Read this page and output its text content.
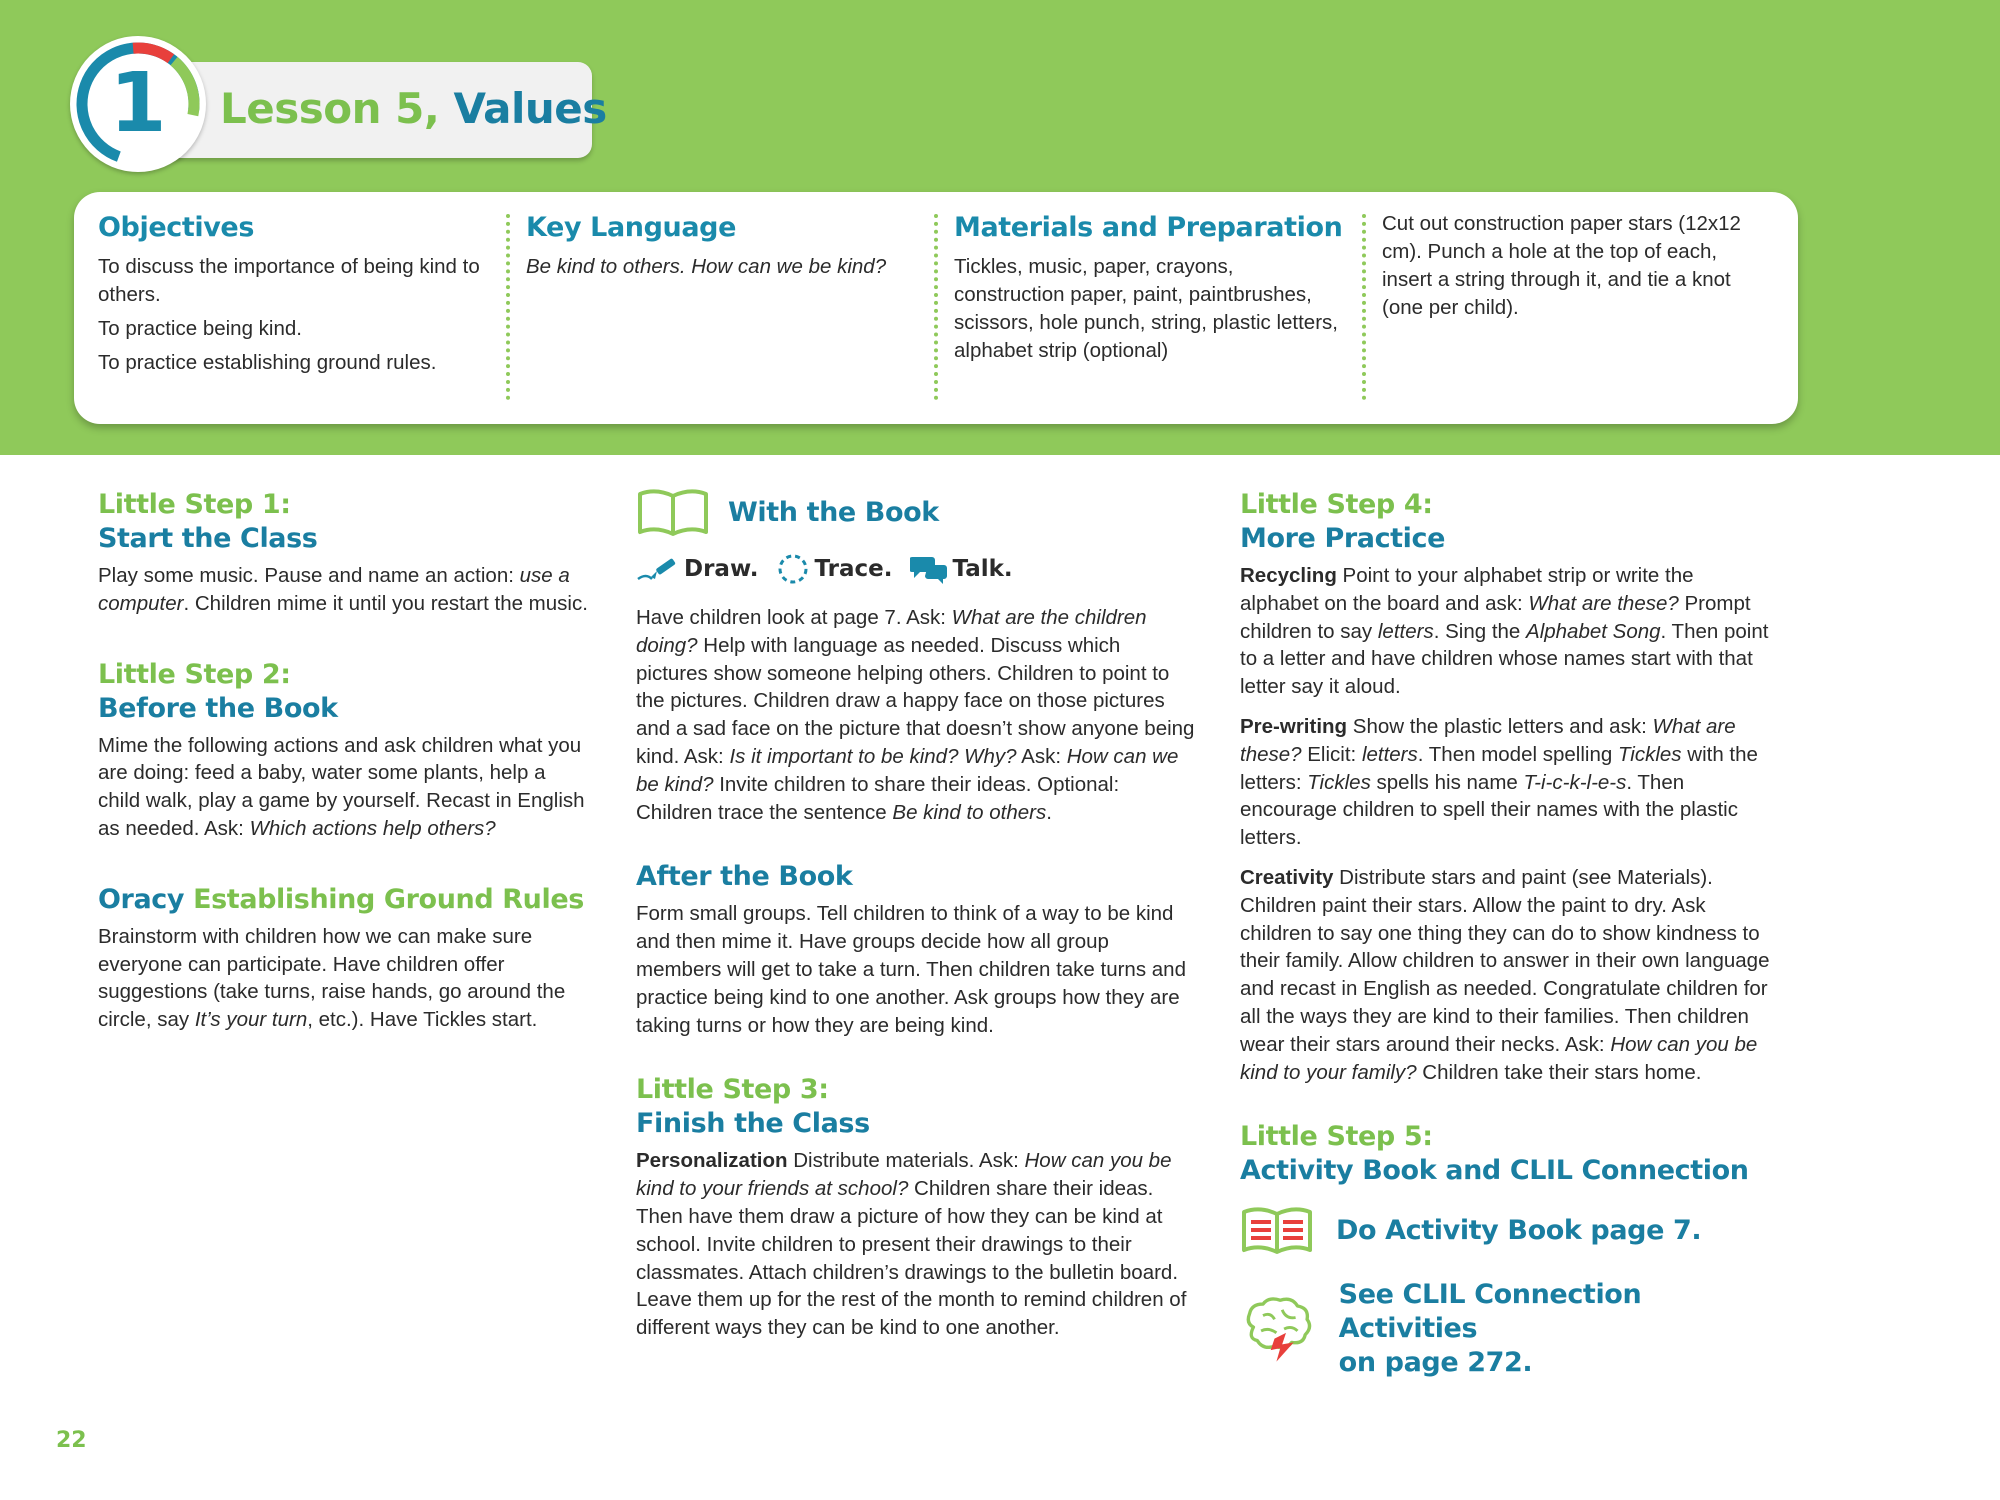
1	Lesson 5, Values
Objectives

To discuss the importance of being kind to others.

To practice being kind.

To practice establishing ground rules.

Key Language
Be kind to others. How can we be kind?
Materials and Preparation
Tickles, music, paper, crayons, construction paper, paint, paintbrushes, scissors, hole punch, string, plastic letters, alphabet strip (optional)
Cut out construction paper stars (12x12 cm). Punch a hole at the top of each, insert a string through it, and tie a knot (one per child).
Little Step 1:
Start the Class
Play some music. Pause and name an action: use a computer. Children mime it until you restart the music.
Little Step 2:
Before the Book
Mime the following actions and ask children what you are doing: feed a baby, water some plants, help a child walk, play a game by yourself. Recast in English as needed. Ask: Which actions help others?
Oracy Establishing Ground Rules
Brainstorm with children how we can make sure everyone can participate. Have children offer suggestions (take turns, raise hands, go around the circle, say It’s your turn, etc.). Have Tickles start.
With the Book
Draw. Trace.	Talk.
Have children look at page 7. Ask: What are the children doing? Help with language as needed. Discuss which pictures show someone helping others. Children to point to the pictures. Children draw a happy face on those pictures and a sad face on the picture that doesn’t show anyone being kind. Ask: Is it important to be kind? Why? Ask: How can we be kind? Invite children to share their ideas. Optional: Children trace the sentence Be kind to others.
After the Book
Form small groups. Tell children to think of a way to be kind and then mime it. Have groups decide how all group members will get to take a turn. Then children take turns and practice being kind to one another. Ask groups how they are taking turns or how they are being kind.
Little Step 3:
Finish the Class
Personalization Distribute materials. Ask: How can you be kind to your friends at school? Children share their ideas. Then have them draw a picture of how they can be kind at school. Invite children to present their drawings to their classmates. Attach children’s drawings to the bulletin board. Leave them up for the rest of the month to remind children of different ways they can be kind to one another.
Little Step 4:
More Practice

Recycling Point to your alphabet strip or write the alphabet on the board and ask: What are these? Prompt children to say letters. Sing the Alphabet Song. Then point to a letter and have children whose names start with that letter say it aloud.

Pre-writing Show the plastic letters and ask: What are these? Elicit: letters. Then model spelling Tickles with the letters: Tickles spells his name T-i-c-k-l-e-s. Then encourage children to spell their names with the plastic letters.

Creativity Distribute stars and paint (see Materials). Children paint their stars. Allow the paint to dry. Ask children to say one thing they can do to show kindness to their family. Allow children to answer in their own language and recast in English as needed. Congratulate children for all the ways they are kind to their families. Then children wear their stars around their necks. Ask: How can you be kind to your family? Children take their stars home.

Little Step 5:
Activity Book and CLIL Connection
Do Activity Book page 7.
See CLIL Connection Activities
on page 272.
22
